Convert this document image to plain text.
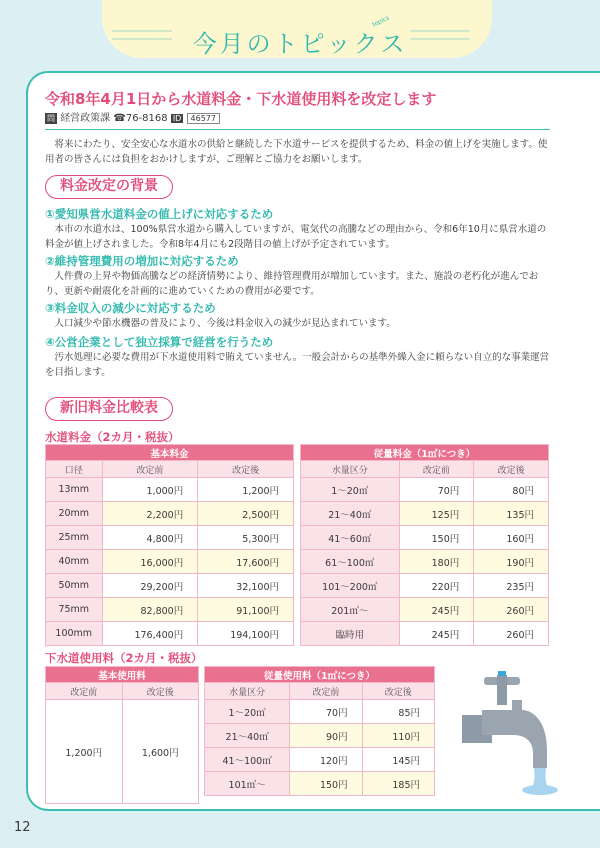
今月のトピックス
topics
令和8年4月1日から水道料金・下水道使用料を改定します
問 経営政策課 ☎76-8168 ID 46577
　将来にわたり、安全安心な水道水の供給と継続した下水道サービスを提供するため、料金の値上げを実施します。使用者の皆さんには負担をおかけしますが、ご理解とご協力をお願いします。
料金改定の背景
①愛知県営水道料金の値上げに対応するため
　本市の水道水は、100%県営水道から購入していますが、電気代の高騰などの理由から、令和6年10月に県営水道の料金が値上げされました。令和8年4月にも2段階目の値上げが予定されています。
②維持管理費用の増加に対応するため
　人件費の上昇や物価高騰などの経済情勢により、維持管理費用が増加しています。また、施設の老朽化が進んでおり、更新や耐震化を計画的に進めていくための費用が必要です。
③料金収入の減少に対応するため
　人口減少や節水機器の普及により、今後は料金収入の減少が見込まれています。
④公営企業として独立採算で経営を行うため
　汚水処理に必要な費用が下水道使用料で賄えていません。一般会計からの基準外繰入金に頼らない自立的な事業運営を目指します。
新旧料金比較表
水道料金（2カ月・税抜）
基本料金		
口径	改定前	改定後
13mm	1,000円	1,200円
20mm	2,200円	2,500円
25mm	4,800円	5,300円
40mm	16,000円	17,600円
50mm	29,200円	32,100円
75mm	82,800円	91,100円
100mm	176,400円	194,100円
従量料金（1㎥につき）		
水量区分	改定前	改定後
1～20㎥	70円	80円
21～40㎥	125円	135円
41～60㎥	150円	160円
61～100㎥	180円	190円
101～200㎥	220円	235円
201㎥～	245円	260円
臨時用	245円	260円
下水道使用料（2カ月・税抜）
基本使用料	
改定前	改定後
1,200円	1,600円
従量使用料（1㎥につき）		
水量区分	改定前	改定後
1～20㎥	70円	85円
21～40㎥	90円	110円
41～100㎥	120円	145円
101㎥～	150円	185円
12
